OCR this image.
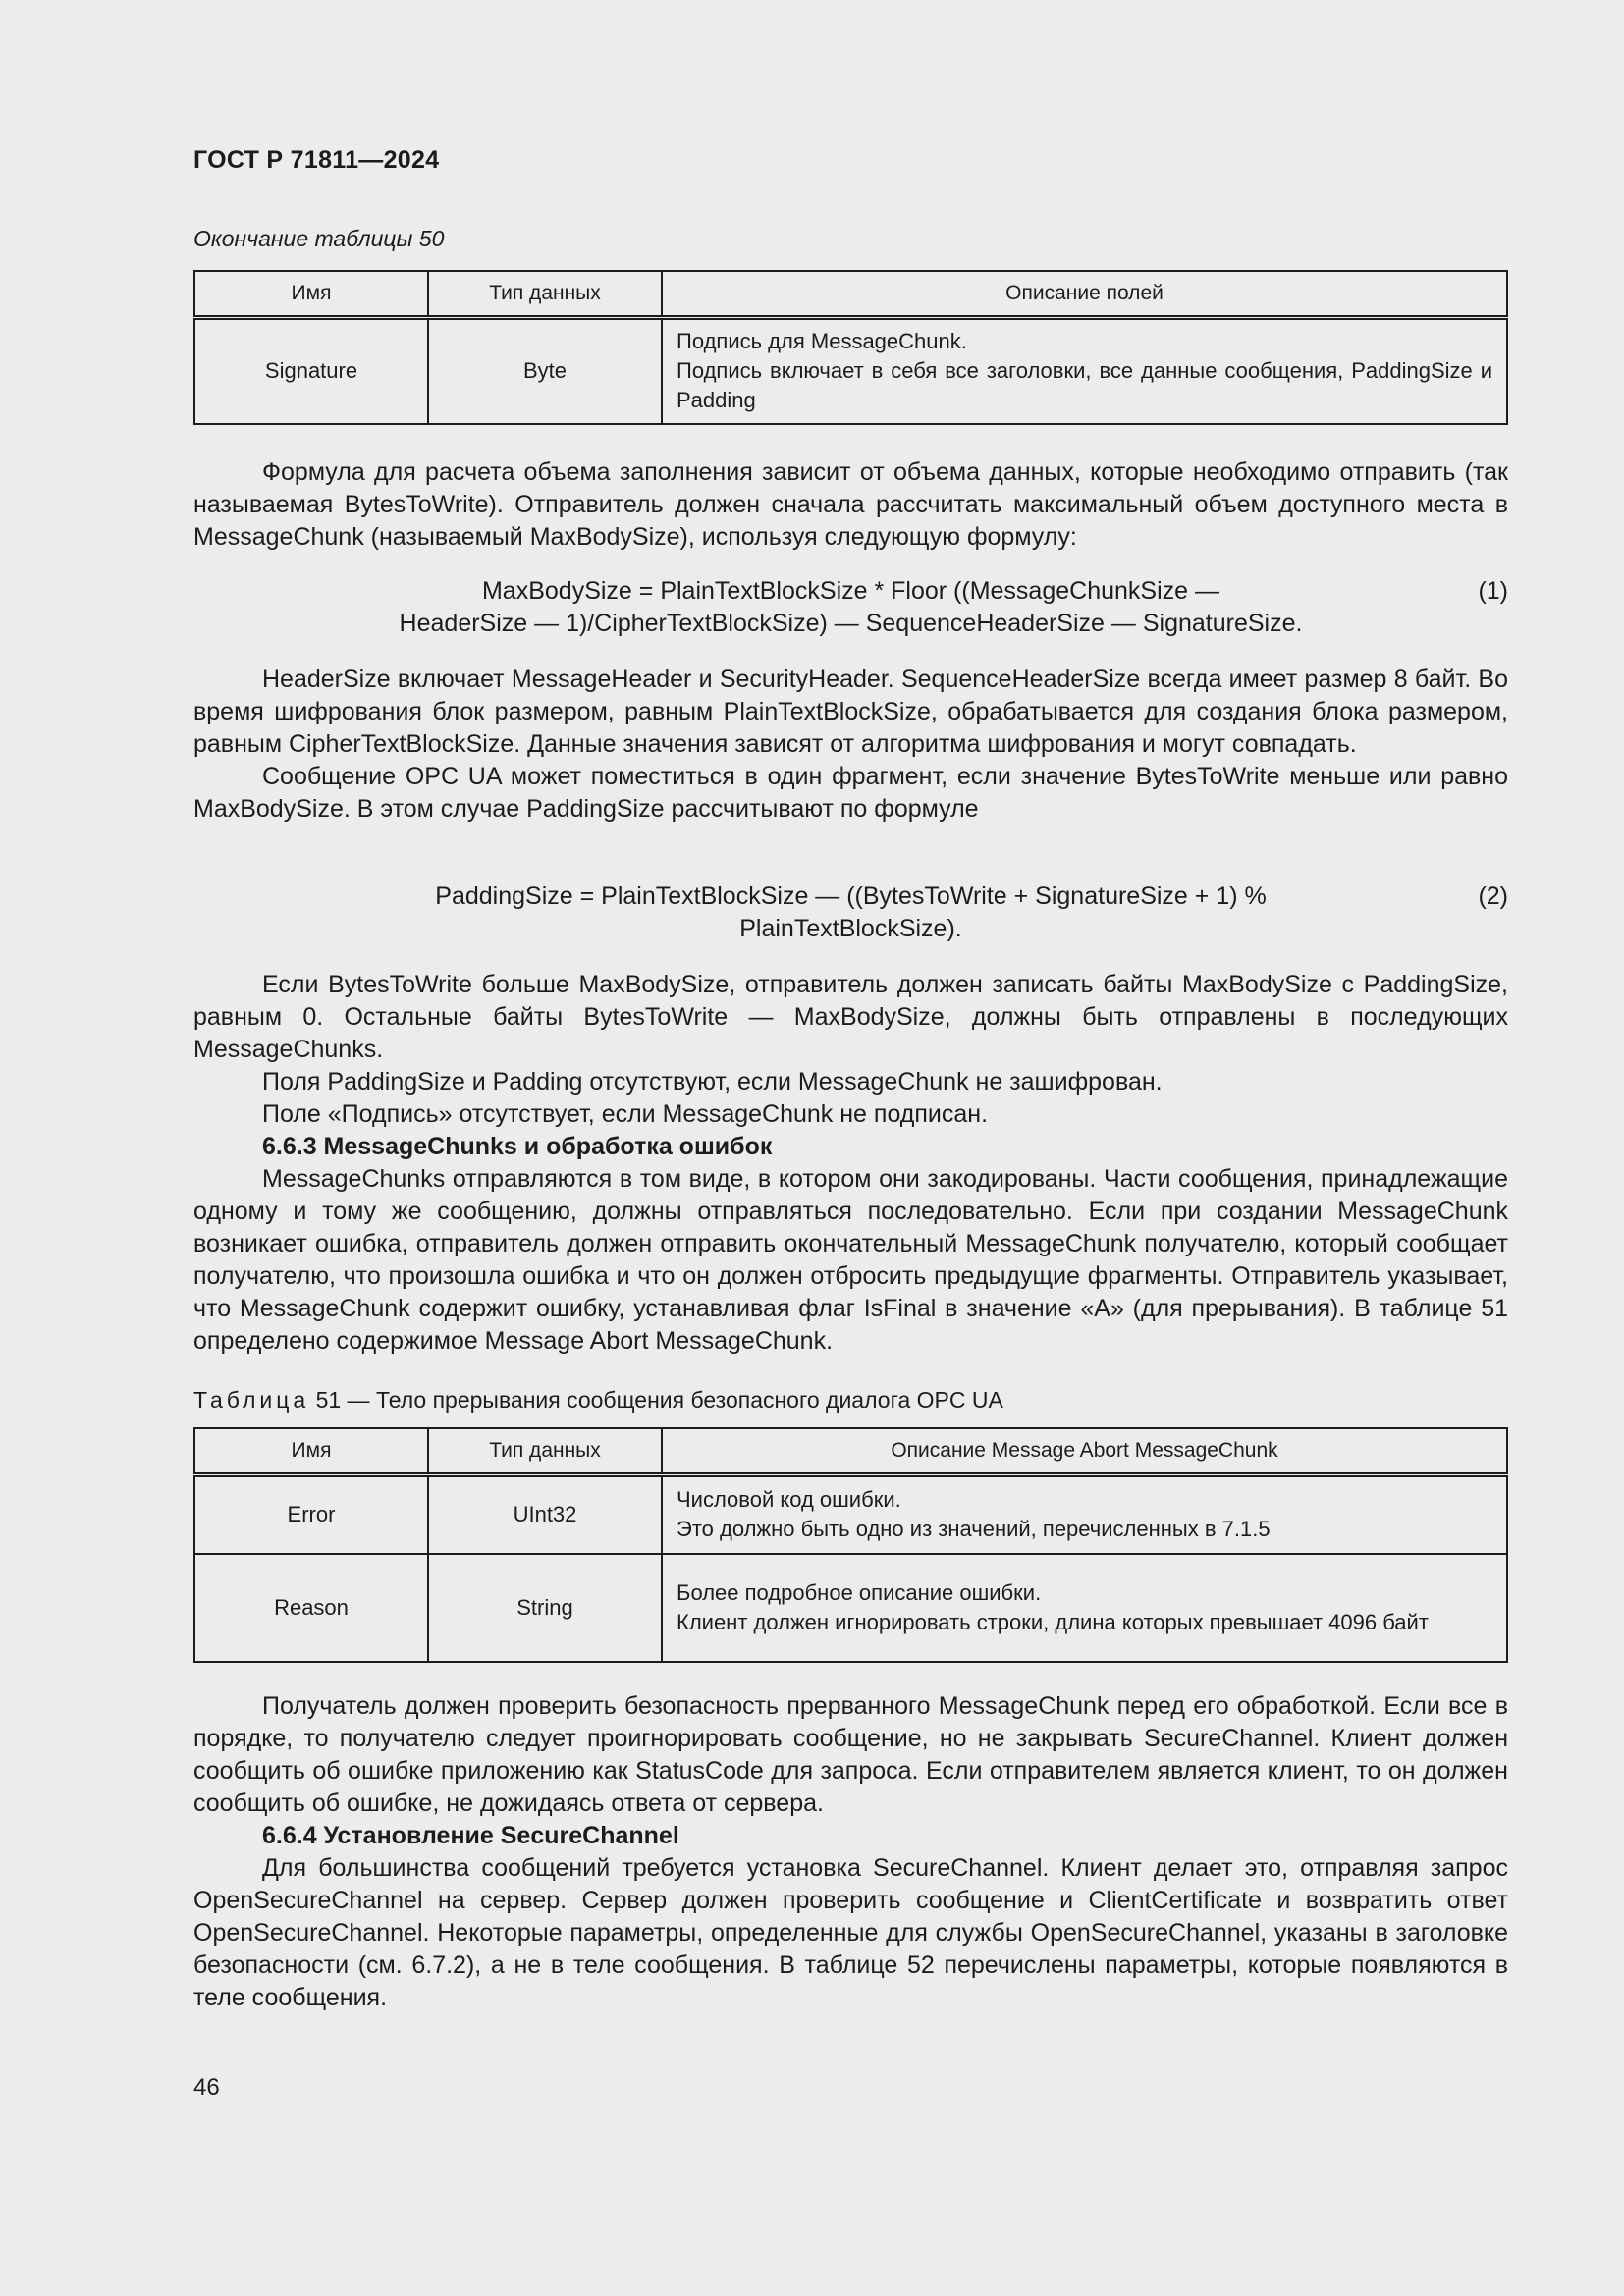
ГОСТ Р 71811—2024
Окончание таблицы 50
Имя	Тип данных	Описание полей
Signature	Byte	Подпись для MessageChunk.
Подпись включает в себя все заголовки, все данные сообщения, PaddingSize и Padding

Формула для расчета объема заполнения зависит от объема данных, которые необходимо отправить (так называемая BytesToWrite). Отправитель должен сначала рассчитать максимальный объем доступного места в MessageChunk (называемый MaxBodySize), используя следующую формулу:

MaxBodySize = PlainTextBlockSize * Floor ((MessageChunkSize —
HeaderSize — 1)/CipherTextBlockSize) — SequenceHeaderSize — SignatureSize.
(1)

HeaderSize включает MessageHeader и SecurityHeader. SequenceHeaderSize всегда имеет размер 8 байт. Во время шифрования блок размером, равным PlainTextBlockSize, обрабатывается для создания блока размером, равным CipherTextBlockSize. Данные значения зависят от алгоритма шифрования и могут совпадать.

Сообщение OPC UA может поместиться в один фрагмент, если значение BytesToWrite меньше или равно MaxBodySize. В этом случае PaddingSize рассчитывают по формуле

PaddingSize = PlainTextBlockSize — ((BytesToWrite + SignatureSize + 1) %
PlainTextBlockSize).
(2)

Если BytesToWrite больше MaxBodySize, отправитель должен записать байты MaxBodySize с PaddingSize, равным 0. Остальные байты BytesToWrite — MaxBodySize, должны быть отправлены в последующих MessageChunks.

Поля PaddingSize и Padding отсутствуют, если MessageChunk не зашифрован.

Поле «Подпись» отсутствует, если MessageChunk не подписан.

6.6.3 MessageChunks и обработка ошибок

MessageChunks отправляются в том виде, в котором они закодированы. Части сообщения, принадлежащие одному и тому же сообщению, должны отправляться последовательно. Если при создании MessageChunk возникает ошибка, отправитель должен отправить окончательный MessageChunk получателю, который сообщает получателю, что произошла ошибка и что он должен отбросить предыдущие фрагменты. Отправитель указывает, что MessageChunk содержит ошибку, устанавливая флаг IsFinal в значение «A» (для прерывания). В таблице 51 определено содержимое Message Abort MessageChunk.

Таблица 51 — Тело прерывания сообщения безопасного диалога OPC UA
Имя	Тип данных	Описание Message Abort MessageChunk
Error	UInt32	Числовой код ошибки.
Это должно быть одно из значений, перечисленных в 7.1.5

Reason	String	Более подробное описание ошибки.
Клиент должен игнорировать строки, длина которых превышает 4096 байт

Получатель должен проверить безопасность прерванного MessageChunk перед его обработкой. Если все в порядке, то получателю следует проигнорировать сообщение, но не закрывать SecureChannel. Клиент должен сообщить об ошибке приложению как StatusCode для запроса. Если отправителем является клиент, то он должен сообщить об ошибке, не дожидаясь ответа от сервера.

6.6.4 Установление SecureChannel

Для большинства сообщений требуется установка SecureChannel. Клиент делает это, отправляя запрос OpenSecureChannel на сервер. Сервер должен проверить сообщение и ClientCertificate и возвратить ответ OpenSecureChannel. Некоторые параметры, определенные для службы OpenSecureChannel, указаны в заголовке безопасности (см. 6.7.2), а не в теле сообщения. В таблице 52 перечислены параметры, которые появляются в теле сообщения.

46
